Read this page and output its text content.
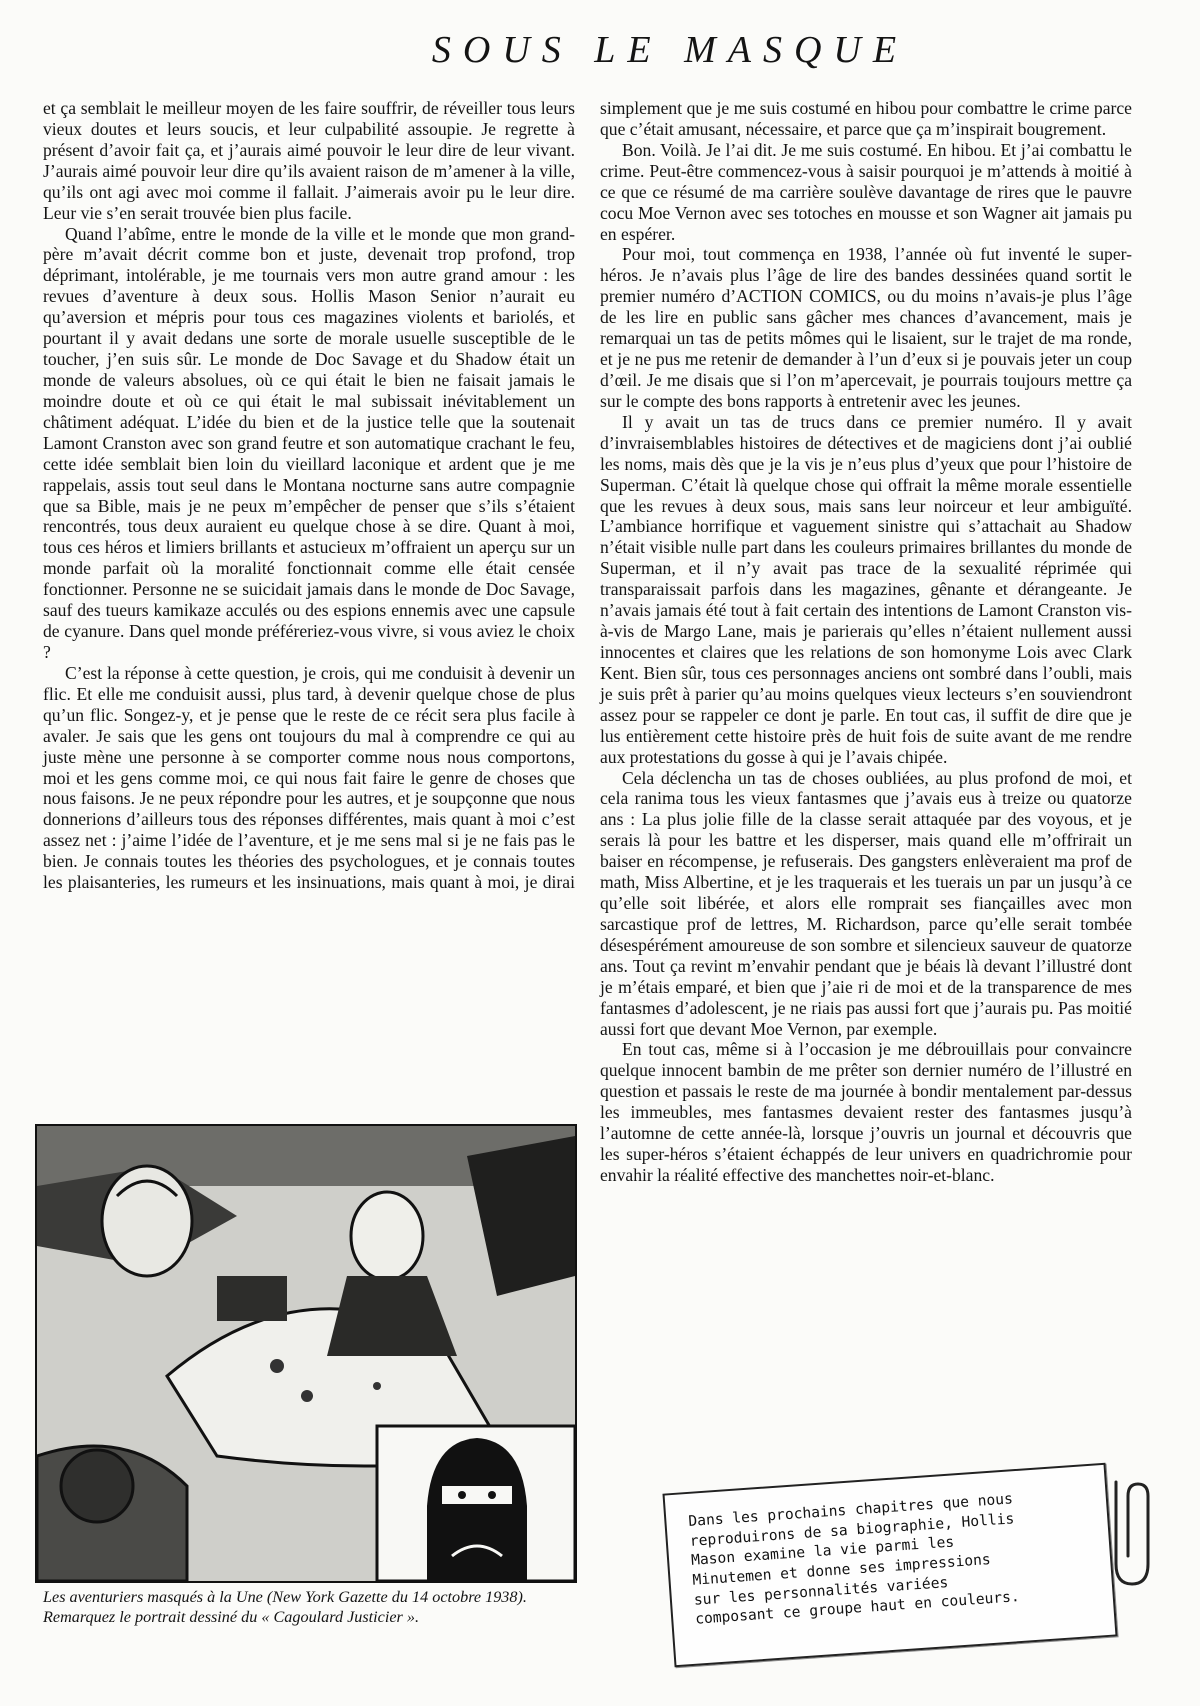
SOUS LE MASQUE

et ça semblait le meilleur moyen de les faire souffrir, de réveiller tous leurs vieux doutes et leurs soucis, et leur culpabilité assoupie. Je regrette à présent d’avoir fait ça, et j’aurais aimé pouvoir le leur dire de leur vivant. J’aurais aimé pouvoir leur dire qu’ils avaient raison de m’amener à la ville, qu’ils ont agi avec moi comme il fallait. J’aimerais avoir pu le leur dire. Leur vie s’en serait trouvée bien plus facile.

Quand l’abîme, entre le monde de la ville et le monde que mon grand-père m’avait décrit comme bon et juste, devenait trop profond, trop déprimant, intolérable, je me tournais vers mon autre grand amour : les revues d’aventure à deux sous. Hollis Mason Senior n’aurait eu qu’aversion et mépris pour tous ces magazines violents et bariolés, et pourtant il y avait dedans une sorte de morale usuelle susceptible de le toucher, j’en suis sûr. Le monde de Doc Savage et du Shadow était un monde de valeurs absolues, où ce qui était le bien ne faisait jamais le moindre doute et où ce qui était le mal subissait inévitablement un châtiment adéquat. L’idée du bien et de la justice telle que la soutenait Lamont Cranston avec son grand feutre et son automatique crachant le feu, cette idée semblait bien loin du vieillard laconique et ardent que je me rappelais, assis tout seul dans le Montana nocturne sans autre compagnie que sa Bible, mais je ne peux m’empêcher de penser que s’ils s’étaient rencontrés, tous deux auraient eu quelque chose à se dire. Quant à moi, tous ces héros et limiers brillants et astucieux m’offraient un aperçu sur un monde parfait où la moralité fonctionnait comme elle était censée fonctionner. Personne ne se suicidait jamais dans le monde de Doc Savage, sauf des tueurs kamikaze acculés ou des espions ennemis avec une capsule de cyanure. Dans quel monde préféreriez-vous vivre, si vous aviez le choix ?

C’est la réponse à cette question, je crois, qui me conduisit à devenir un flic. Et elle me conduisit aussi, plus tard, à devenir quelque chose de plus qu’un flic. Songez-y, et je pense que le reste de ce récit sera plus facile à avaler. Je sais que les gens ont toujours du mal à comprendre ce qui au juste mène une personne à se comporter comme nous nous comportons, moi et les gens comme moi, ce qui nous fait faire le genre de choses que nous faisons. Je ne peux répondre pour les autres, et je soupçonne que nous donnerions d’ailleurs tous des réponses différentes, mais quant à moi c’est assez net : j’aime l’idée de l’aventure, et je me sens mal si je ne fais pas le bien. Je connais toutes les théories des psychologues, et je connais toutes les plaisanteries, les rumeurs et les insinuations, mais quant à moi, je dirai

Les aventuriers masqués à la Une (New York Gazette du 14 octobre 1938). Remarquez le portrait dessiné du « Cagoulard Justicier ».

simplement que je me suis costumé en hibou pour combattre le crime parce que c’était amusant, nécessaire, et parce que ça m’inspirait bougrement.

Bon. Voilà. Je l’ai dit. Je me suis costumé. En hibou. Et j’ai combattu le crime. Peut-être commencez-vous à saisir pourquoi je m’attends à moitié à ce que ce résumé de ma carrière soulève davantage de rires que le pauvre cocu Moe Vernon avec ses totoches en mousse et son Wagner ait jamais pu en espérer.

Pour moi, tout commença en 1938, l’année où fut inventé le super-héros. Je n’avais plus l’âge de lire des bandes dessinées quand sortit le premier numéro d’ACTION COMICS, ou du moins n’avais-je plus l’âge de les lire en public sans gâcher mes chances d’avancement, mais je remarquai un tas de petits mômes qui le lisaient, sur le trajet de ma ronde, et je ne pus me retenir de demander à l’un d’eux si je pouvais jeter un coup d’œil. Je me disais que si l’on m’apercevait, je pourrais toujours mettre ça sur le compte des bons rapports à entretenir avec les jeunes.

Il y avait un tas de trucs dans ce premier numéro. Il y avait d’invraisemblables histoires de détectives et de magiciens dont j’ai oublié les noms, mais dès que je la vis je n’eus plus d’yeux que pour l’histoire de Superman. C’était là quelque chose qui offrait la même morale essentielle que les revues à deux sous, mais sans leur noirceur et leur ambiguïté. L’ambiance horrifique et vaguement sinistre qui s’attachait au Shadow n’était visible nulle part dans les couleurs primaires brillantes du monde de Superman, et il n’y avait pas trace de la sexualité réprimée qui transparaissait parfois dans les magazines, gênante et dérangeante. Je n’avais jamais été tout à fait certain des intentions de Lamont Cranston vis-à-vis de Margo Lane, mais je parierais qu’elles n’étaient nullement aussi innocentes et claires que les relations de son homonyme Lois avec Clark Kent. Bien sûr, tous ces personnages anciens ont sombré dans l’oubli, mais je suis prêt à parier qu’au moins quelques vieux lecteurs s’en souviendront assez pour se rappeler ce dont je parle. En tout cas, il suffit de dire que je lus entièrement cette histoire près de huit fois de suite avant de me rendre aux protestations du gosse à qui je l’avais chipée.

Cela déclencha un tas de choses oubliées, au plus profond de moi, et cela ranima tous les vieux fantasmes que j’avais eus à treize ou quatorze ans : La plus jolie fille de la classe serait attaquée par des voyous, et je serais là pour les battre et les disperser, mais quand elle m’offrirait un baiser en récompense, je refuserais. Des gangsters enlèveraient ma prof de math, Miss Albertine, et je les traquerais et les tuerais un par un jusqu’à ce qu’elle soit libérée, et alors elle romprait ses fiançailles avec mon sarcastique prof de lettres, M. Richardson, parce qu’elle serait tombée désespérément amoureuse de son sombre et silencieux sauveur de quatorze ans. Tout ça revint m’envahir pendant que je béais là devant l’illustré dont je m’étais emparé, et bien que j’aie ri de moi et de la transparence de mes fantasmes d’adolescent, je ne riais pas aussi fort que j’aurais pu. Pas moitié aussi fort que devant Moe Vernon, par exemple.

En tout cas, même si à l’occasion je me débrouillais pour convaincre quelque innocent bambin de me prêter son dernier numéro de l’illustré en question et passais le reste de ma journée à bondir mentalement par-dessus les immeubles, mes fantasmes devaient rester des fantasmes jusqu’à l’automne de cette année-là, lorsque j’ouvris un journal et découvris que les super-héros s’étaient échappés de leur univers en quadrichromie pour envahir la réalité effective des manchettes noir-et-blanc.

Dans les prochains chapitres que nous
reproduirons de sa biographie, Hollis
Mason examine la vie parmi les
Minutemen et donne ses impressions
sur les personnalités variées
composant ce groupe haut en couleurs.
